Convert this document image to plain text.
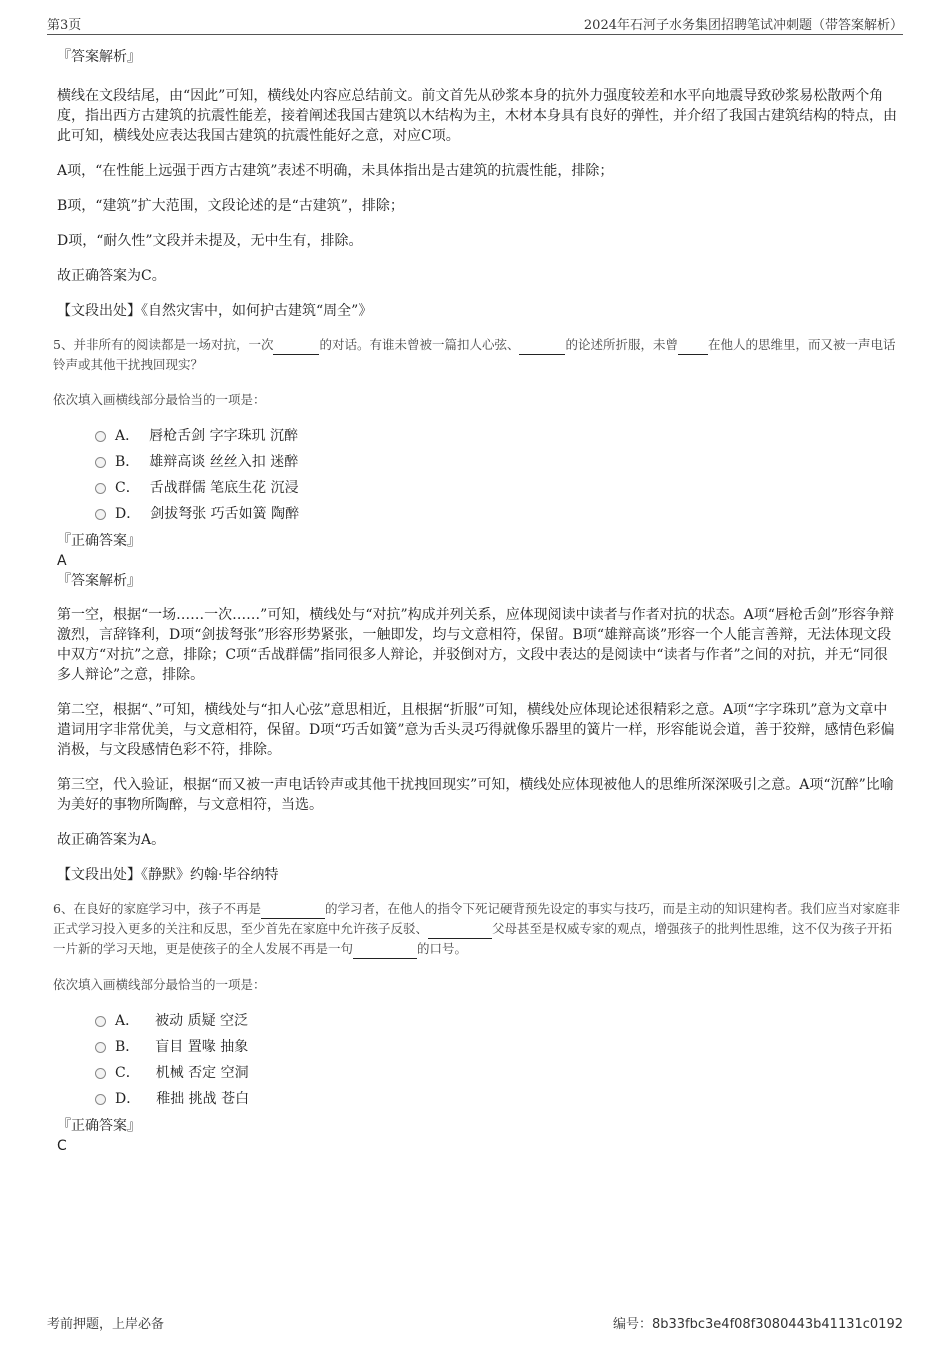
第3页	2024年石河子水务集团招聘笔试冲刺题（带答案解析）

『答案解析』

横线在文段结尾，由“因此”可知，横线处内容应总结前文。前文首先从砂浆本身的抗外力强度较差和水平向地震导致砂浆易松散两个角度，指出西方古建筑的抗震性能差，接着阐述我国古建筑以木结构为主，木材本身具有良好的弹性，并介绍了我国古建筑结构的特点，由此可知，横线处应表达我国古建筑的抗震性能好之意，对应C项。

A项，“在性能上远强于西方古建筑”表述不明确，未具体指出是古建筑的抗震性能，排除；

B项，“建筑”扩大范围，文段论述的是“古建筑”，排除；

D项，“耐久性”文段并未提及，无中生有，排除。

故正确答案为C。

【文段出处】《自然灾害中，如何护古建筑“周全”》

5、并非所有的阅读都是一场对抗，一次	的对话。有谁未曾被一篇扣人心弦、	的论述所折服，未曾 在他人的思维里，而又被一声电话铃声或其他干扰拽回现实？

依次填入画横线部分最恰当的一项是：

A． 唇枪舌剑 字字珠玑 沉醉
B． 雄辩高谈 丝丝入扣 迷醉
C． 舌战群儒 笔底生花 沉浸
D． 剑拔弩张 巧舌如簧 陶醉

『正确答案』

A

『答案解析』

第一空，根据“一场……一次……”可知，横线处与“对抗”构成并列关系，应体现阅读中读者与作者对抗的状态。A项“唇枪舌剑”形容争辩激烈，言辞锋利，D项“剑拔弩张”形容形势紧张，一触即发，均与文意相符，保留。B项“雄辩高谈”形容一个人能言善辩，无法体现文段中双方“对抗”之意，排除；C项“舌战群儒”指同很多人辩论，并驳倒对方，文段中表达的是阅读中“读者与作者”之间的对抗，并无“同很多人辩论”之意，排除。

第二空，根据“、”可知，横线处与“扣人心弦”意思相近，且根据“折服”可知，横线处应体现论述很精彩之意。A项“字字珠玑”意为文章中遣词用字非常优美，与文意相符，保留。D项“巧舌如簧”意为舌头灵巧得就像乐器里的簧片一样，形容能说会道，善于狡辩，感情色彩偏消极，与文段感情色彩不符，排除。

第三空，代入验证，根据“而又被一声电话铃声或其他干扰拽回现实”可知，横线处应体现被他人的思维所深深吸引之意。A项“沉醉”比喻为美好的事物所陶醉，与文意相符，当选。

故正确答案为A。

【文段出处】《静默》约翰·毕谷纳特

6、在良好的家庭学习中，孩子不再是	的学习者，在他人的指令下死记硬背预先设定的事实与技巧，而是主动的知识建构者。我们应当对家庭非正式学习投入更多的关注和反思，至少首先在家庭中允许孩子反驳、	父母甚至是权威专家的观点，增强孩子的批判性思维，这不仅为孩子开拓一片新的学习天地，更是使孩子的全人发展不再是一句	的口号。

依次填入画横线部分最恰当的一项是：

A． 被动 质疑 空泛
B． 盲目 置喙 抽象
C． 机械 否定 空洞
D． 稚拙 挑战 苍白

『正确答案』

C

考前押题，上岸必备	编号：8b33fbc3e4f08f3080443b41131c0192
